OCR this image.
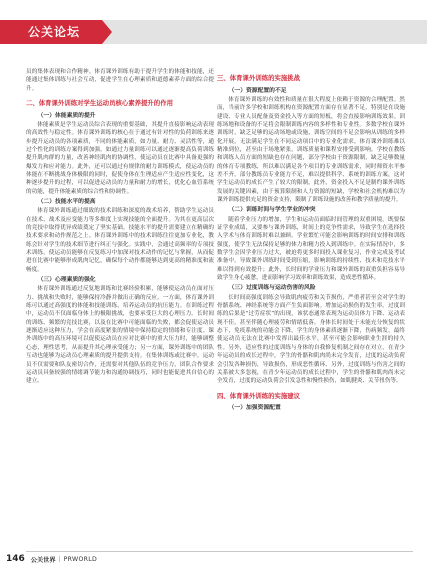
公关论坛

员的集体表现和合作精神。体育课外训练有助于提升学生的体能和技能，还能通过集体训练与社会互动，促进学生在心理素质和道德素养方面的综合提升。

二、体育课外训练对学生运动员核心素养提升的作用
（一）体能素质的提升

体能素质是学生运动员综合表现的重要基础，其提升直接影响运动表现的高效性与稳定性。体育课外训练的核心在于通过有针对性的负荷训练来逐步提升运动员的各项素质，不同的体能素质，如力量、耐力、灵活性等，通过个性化的训练方案得到加强。如通过力量训练可以通过逐渐提高负荷训练提升肌肉群的力量，改善神经肌肉的协调性，使运动员在比赛中具备更强的爆发力和应对能力。此外，还可以通过有规律的耐力训练模式，使运动员的体能在不断挑战身体极限的同时，促使身体在生理适应产生适应性变化，这种逐步提升的过程，可以促进运动员的力量和耐力的增长，优化心血管系统的功能，提升体能素质的综合性和协调性。

（二）技能水平的提高

体育课外训练通过细致的技术训练和深度的战术培养，帮助学生运动员在技术、战术及应变能力等多维度上实现技能的全面提升。为其在更高层次的竞技中取得优异成绩奠定了坚实基础。技能水平的提升需要建立在精确的技术要求和动作规范之上。体育课外训练中的技术训练往往更加专业化，教练会针对学生的技术细节进行纠正与强化。实践中，会通过高频率的专项技术训练，使运动员能够在反复练习中加深对技术动作的记忆与掌握，从而促进在比赛中能够形成肌肉记忆，确保每个动作都能够达到更高的精准度和流畅度。

（三）心理素质的强化

体育课外训练通过反复地训练和比赛经验积累，能够使运动员在面对压力、挑战和失败时，能够保持冷静并做出正确的反应。一方面，体育课外训练可以通过高强度的体能和技能训练，培养运动员的抗压能力。在训练过程中，运动员不仅面临身体上的极限挑战，也要承受巨大的心理压力。长时间的训练、频繁的竞技比赛，以及在比赛中可能面临的失败，都会促使运动员逐渐适应这种压力，学会在高度紧张的情境中保持稳定的情绪和专注度。课外训练中的高压环境可以促使运动员在应对比赛中的重大压力时，能够调整心态，理性思考，从而提升其心理承受能力；另一方面，课外训练中的团队互动也能够为运动员心理素质的提升提供支持。在集体训练或比赛中，运动员不仅需要和队友密切合作，还需要对其他队伍的竞争压力，团队合作要求运动员具备较强的情绪调节能力和沟通协调技巧，同时也能促进其自信心的建立。

三、体育课外训练的实施挑战
（一）资源配置的不足

体育课外训练的有效性和质量在很大程度上依赖于资源的合理配置。然而，当前许多学校和训练机构在资源配置方面存在显著不足，特别是在设施建设、专业人员配备及资金投入等方面的短板，将会直接影响训练效果。训练场地和设备的不足将会限制训练内容的多样性和专业性。多数学校在课外训练时，缺乏足够的运动场地或设施，训练空间的不足会影响从训练的多样化开展，无法满足学生在不同运动项目中的专业化需求。体育课外训练难以精准到位，甚至由于场地紧张，训练质量和课程安排受到影响。学校在教练和训练人员方面的短缺也存在问题，部分学校由于资源限制，缺乏足够数量的体育专项教练，所以难以满足各个项目的专业训练需求，同时师资水平参差不齐，部分教练员专业能力不足，难以提供科学、系统的训练方案，这对学生运动员的成长产生了较大的限制。此外，资金投入不足是制约课外训练发展的关键因素，由于预算限制和人力资源的短缺，学校和社会机构难以为课外训练提供充足的资金支持，限制了训练设施的改善和教学质量的提升。

（二）训练时间与学生学业的冲突

随着学业压力的增加，学生和运动员面临时间管理的双重困境。既要保证学业成绩，又要参与课外训练，时间上的竞争性需求，导致学生在选择投入学术与体育训练时难以兼顾。学业繁忙可能会影响训练的时间安排和训练强度，使学生无法保持足够的体力和精力投入到训练中。在实际情况中，多数学生会因学业压力过大，被迫将更多时间投入课业复习，作业完成及考试准备中，导致课外训练时间受到压缩，影响训练的持续性、技术和竞技水平难以得到有效提升；此外，长时间的学业压力和课外训练的双重负担容易导致学生身心疲惫，进而影响学习效率和训练效果，造成恶性循环。

（三）过度训练与运动伤害的风险

长时间高强度训练会导致肌肉疲劳和关节损伤，严重者甚至会对学生的骨骼系统、神经系统等方面产生负面影响。增加运动损伤的发生率。过度训练的后果是“过劳症状”的出现，该状态通常表现为运动员体力下降、运动表现不佳，甚至伴随心理疲劳和情绪低落。身体长时间处于未能充分恢复的状态下，免疫系统的功能会下降，学生的身体素质逐渐下降，伤病频发。最终使运动员无法在比赛中发挥出最佳水平，甚至可能会影响职业生涯的持久性。另外，适应性的过度训练与身体的自我修复机制之间存在对立，在青少年运动员的成长过程中，学生的骨骼和肌肉尚未完全发育，过度的运动负荷会引发各种损伤，导致损伤，形成恶性循环、另外，过度训练与伤害之间的关系被大多忽视，在青少年运动员的成长过程中，学生的骨骼和肌肉尚未完全发育，过度的运动负荷会引发急性和慢性损伤，如肌腱炎、关节扭伤等。

四、体育课外训练的实施建议
（一）加强资源配置
146 公关世界 | PRWORLD
